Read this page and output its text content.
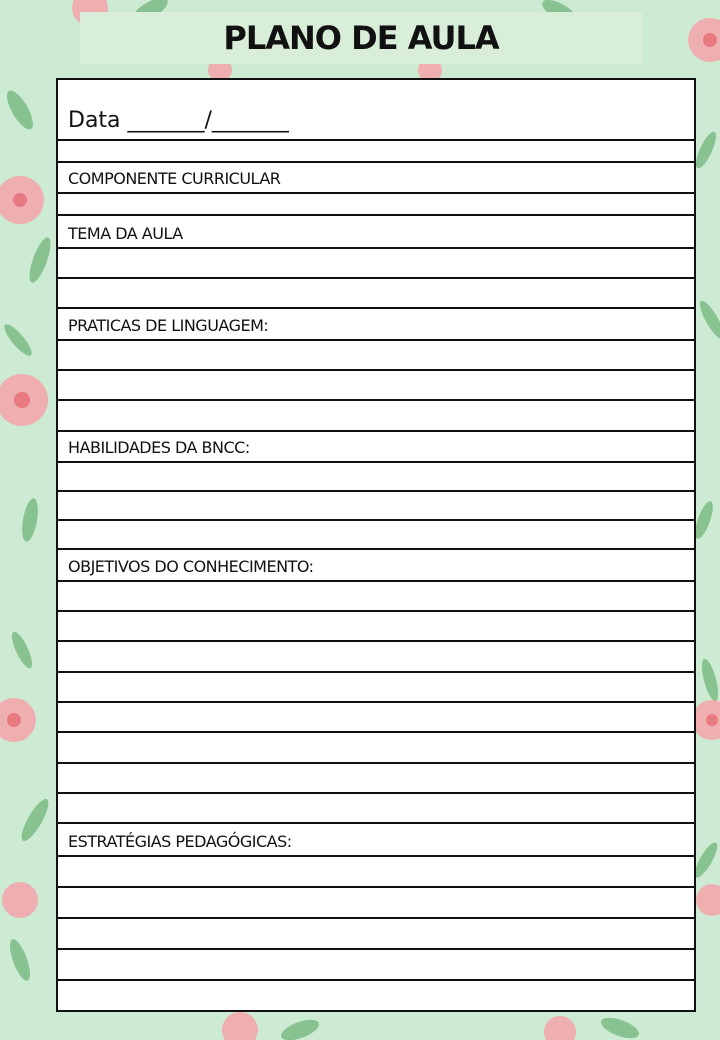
PLANO DE AULA
Data _______/_______
COMPONENTE CURRICULAR
TEMA DA AULA
PRATICAS DE LINGUAGEM:
HABILIDADES DA BNCC:
OBJETIVOS DO CONHECIMENTO:
ESTRATÉGIAS PEDAGÓGICAS:
